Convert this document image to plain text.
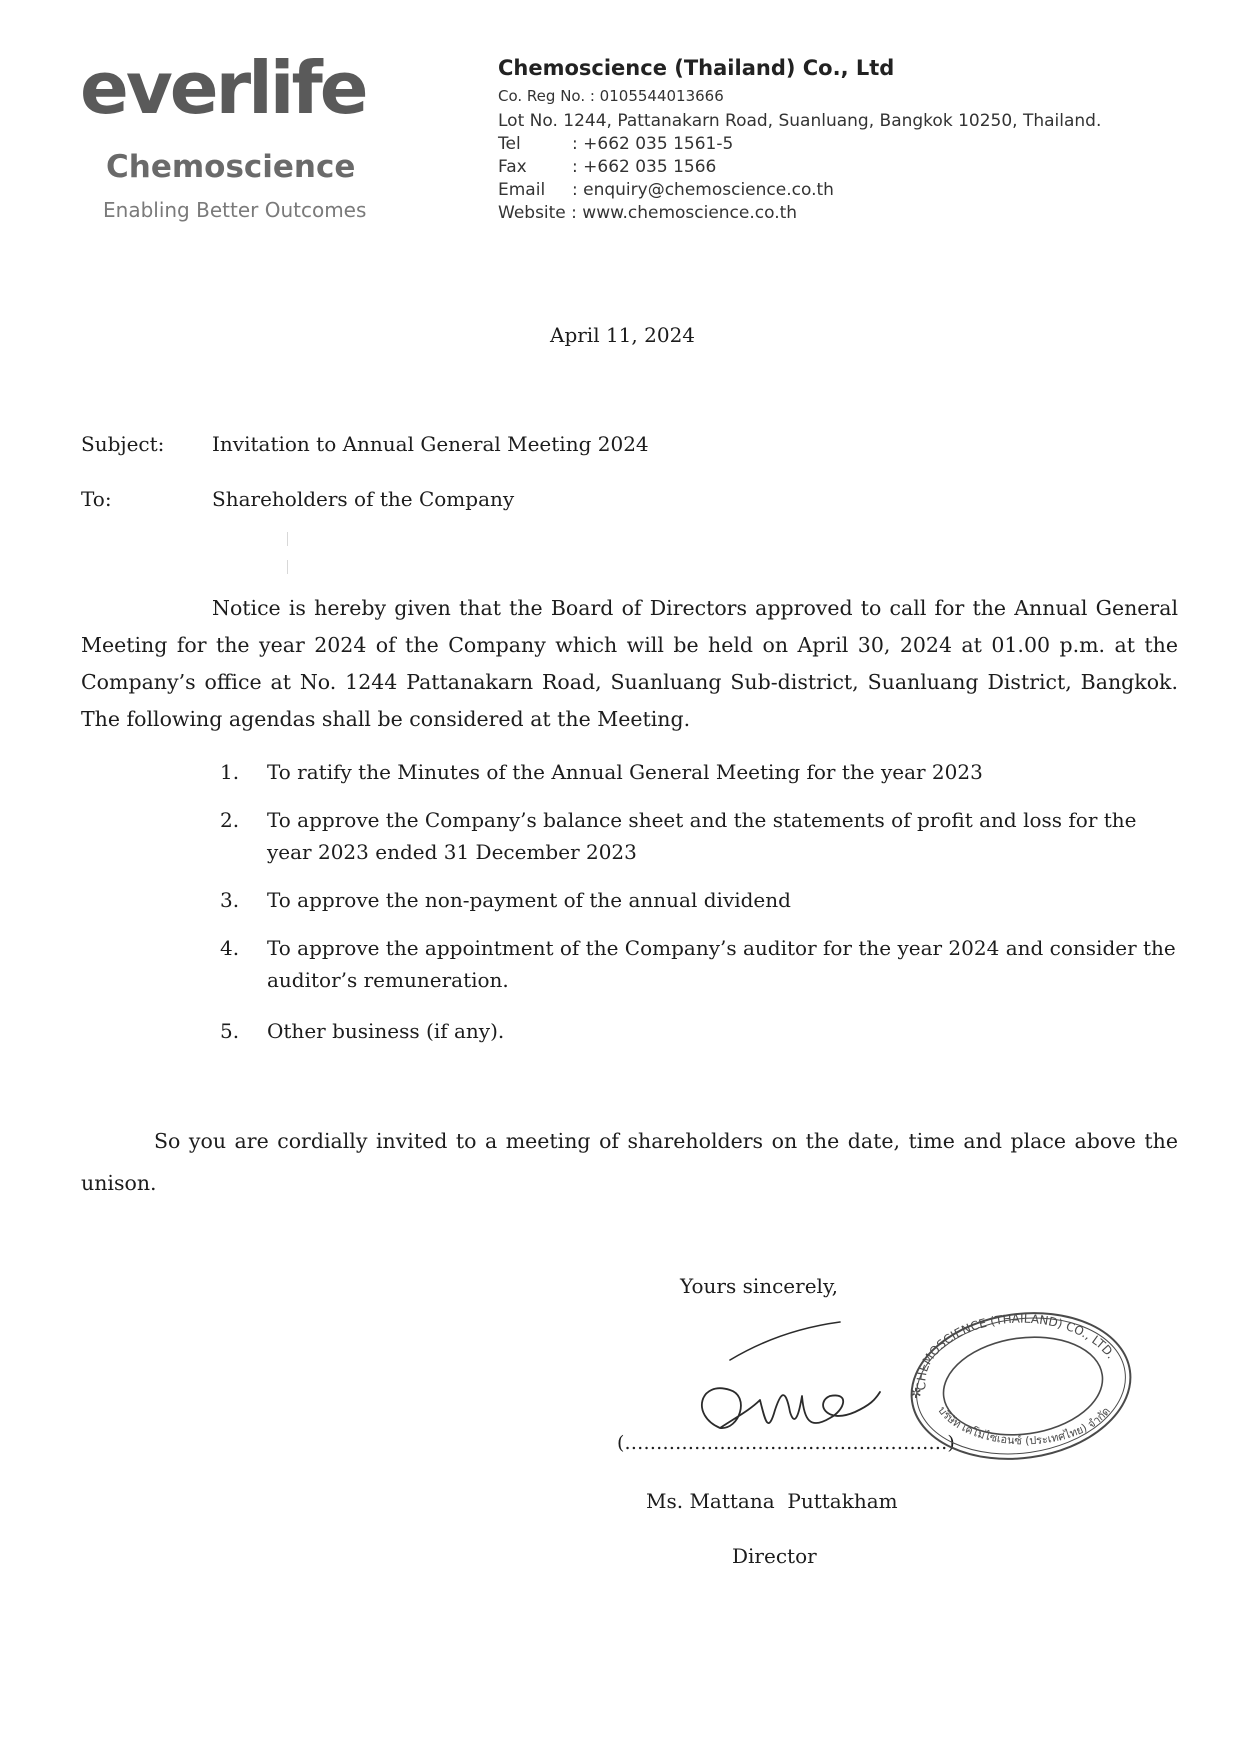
everlife
Chemoscience
Enabling Better Outcomes
Chemoscience (Thailand) Co., Ltd
Co. Reg No. : 0105544013666
Lot No. 1244, Pattanakarn Road, Suanluang, Bangkok 10250, Thailand.
Tel	: +662 035 1561-5
Fax	: +662 035 1566
Email : enquiry@chemoscience.co.th
Website : www.chemoscience.co.th
April 11, 2024
Subject: Invitation to Annual General Meeting 2024
To:	Shareholders of the Company
Notice is hereby given that the Board of Directors approved to call for the Annual General Meeting for the year 2024 of the Company which will be held on April 30, 2024 at 01.00 p.m. at the Company’s office at No. 1244 Pattanakarn Road, Suanluang Sub-district, Suanluang District, Bangkok. The following agendas shall be considered at the Meeting.
1.	To ratify the Minutes of the Annual General Meeting for the year 2023
2.	To approve the Company’s balance sheet and the statements of profit and loss for the year 2023 ended 31 December 2023
3.	To approve the non-payment of the annual dividend
4.	To approve the appointment of the Company’s auditor for the year 2024 and consider the auditor’s remuneration.
5.	Other business (if any).
So you are cordially invited to a meeting of shareholders on the date, time and place above the unison.
Yours sincerely,
(……………………………………………)
CHEMOSCIENCE (THAILAND) CO., LTD.
บริษัท เคโมไซเอนซ์ (ประเทศไทย) จำกัด
✲
Ms. Mattana  Puttakham
Director
